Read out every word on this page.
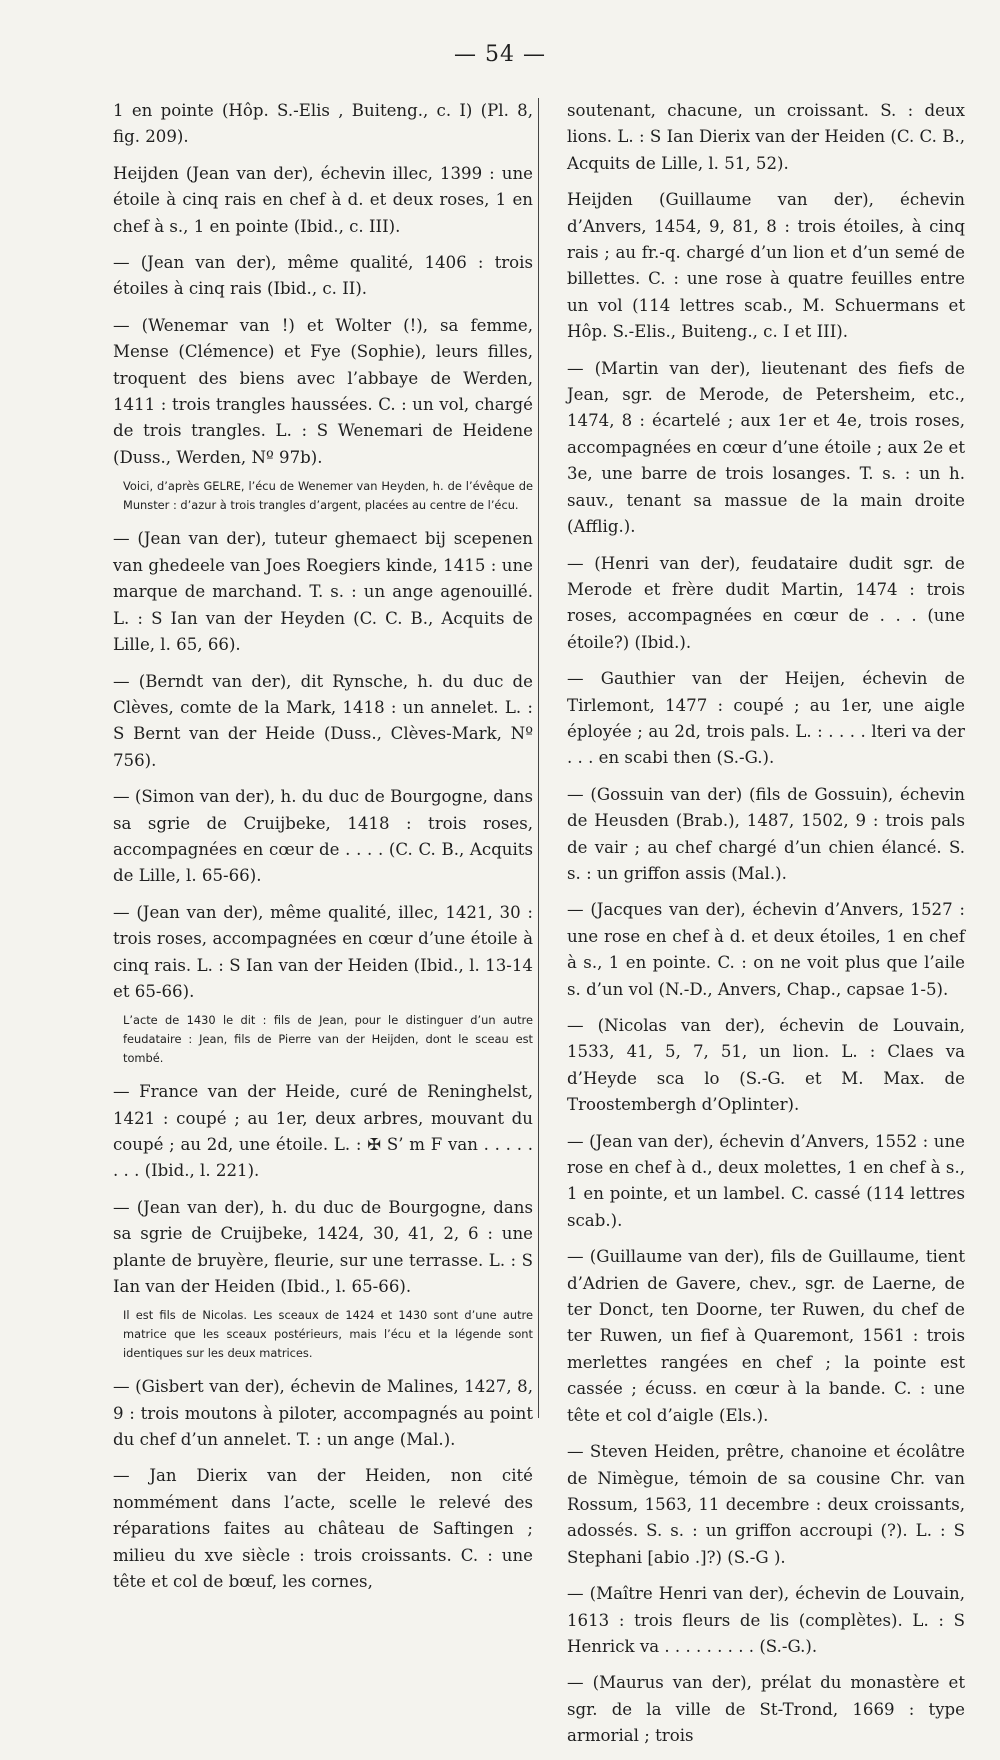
— 54 —

1 en pointe (Hôp. S.-Elis , Buiteng., c. I) (Pl. 8, fig. 209).

Heijden (Jean van der), échevin illec, 1399 : une étoile à cinq rais en chef à d. et deux roses, 1 en chef à s., 1 en pointe (Ibid., c. III).

— (Jean van der), même qualité, 1406 : trois étoiles à cinq rais (Ibid., c. II).

— (Wenemar van !) et Wolter (!), sa femme, Mense (Clémence) et Fye (Sophie), leurs filles, troquent des biens avec l’abbaye de Werden, 1411 : trois trangles haussées. C. : un vol, chargé de trois trangles. L. : S Wenemari de Heidene (Duss., Werden, Nº 97b).

Voici, d’après GELRE, l’écu de Wenemer van Heyden, h. de l’évêque de Munster : d’azur à trois trangles d’argent, placées au centre de l’écu.

— (Jean van der), tuteur ghemaect bij scepenen van ghedeele van Joes Roegiers kinde, 1415 : une marque de marchand. T. s. : un ange agenouillé. L. : S Ian van der Heyden (C. C. B., Acquits de Lille, l. 65, 66).

— (Berndt van der), dit Rynsche, h. du duc de Clèves, comte de la Mark, 1418 : un annelet. L. : S Bernt van der Heide (Duss., Clèves-Mark, Nº 756).

— (Simon van der), h. du duc de Bourgogne, dans sa sgrie de Cruijbeke, 1418 : trois roses, accompagnées en cœur de . . . . (C. C. B., Acquits de Lille, l. 65-66).

— (Jean van der), même qualité, illec, 1421, 30 : trois roses, accompagnées en cœur d’une étoile à cinq rais. L. : S Ian van der Heiden (Ibid., l. 13-14 et 65-66).

L’acte de 1430 le dit : fils de Jean, pour le distinguer d’un autre feudataire : Jean, fils de Pierre van der Heijden, dont le sceau est tombé.

— France van der Heide, curé de Reninghelst, 1421 : coupé ; au 1er, deux arbres, mouvant du coupé ; au 2d, une étoile. L. : ✠ S’ m F van . . . . . . . . (Ibid., l. 221).

— (Jean van der), h. du duc de Bourgogne, dans sa sgrie de Cruijbeke, 1424, 30, 41, 2, 6 : une plante de bruyère, fleurie, sur une terrasse. L. : S Ian van der Heiden (Ibid., l. 65-66).

Il est fils de Nicolas. Les sceaux de 1424 et 1430 sont d’une autre matrice que les sceaux postérieurs, mais l’écu et la légende sont identiques sur les deux matrices.

— (Gisbert van der), échevin de Malines, 1427, 8, 9 : trois moutons à piloter, accompagnés au point du chef d’un annelet. T. : un ange (Mal.).

— Jan Dierix van der Heiden, non cité nommément dans l’acte, scelle le relevé des réparations faites au château de Saftingen ; milieu du xve siècle : trois croissants. C. : une tête et col de bœuf, les cornes,

soutenant, chacune, un croissant. S. : deux lions. L. : S Ian Dierix van der Heiden (C. C. B., Acquits de Lille, l. 51, 52).

Heijden (Guillaume van der), échevin d’Anvers, 1454, 9, 81, 8 : trois étoiles, à cinq rais ; au fr.-q. chargé d’un lion et d’un semé de billettes. C. : une rose à quatre feuilles entre un vol (114 lettres scab., M. Schuermans et Hôp. S.-Elis., Buiteng., c. I et III).

— (Martin van der), lieutenant des fiefs de Jean, sgr. de Merode, de Petersheim, etc., 1474, 8 : écartelé ; aux 1er et 4e, trois roses, accompagnées en cœur d’une étoile ; aux 2e et 3e, une barre de trois losanges. T. s. : un h. sauv., tenant sa massue de la main droite (Afflig.).

— (Henri van der), feudataire dudit sgr. de Merode et frère dudit Martin, 1474 : trois roses, accompagnées en cœur de . . . (une étoile?) (Ibid.).

— Gauthier van der Heijen, échevin de Tirlemont, 1477 : coupé ; au 1er, une aigle éployée ; au 2d, trois pals. L. : . . . . lteri va der . . . en scabi then (S.-G.).

— (Gossuin van der) (fils de Gossuin), échevin de Heusden (Brab.), 1487, 1502, 9 : trois pals de vair ; au chef chargé d’un chien élancé. S. s. : un griffon assis (Mal.).

— (Jacques van der), échevin d’Anvers, 1527 : une rose en chef à d. et deux étoiles, 1 en chef à s., 1 en pointe. C. : on ne voit plus que l’aile s. d’un vol (N.-D., Anvers, Chap., capsae 1-5).

— (Nicolas van der), échevin de Louvain, 1533, 41, 5, 7, 51, un lion. L. : Claes va d’Heyde sca lo (S.-G. et M. Max. de Troostembergh d’Oplinter).

— (Jean van der), échevin d’Anvers, 1552 : une rose en chef à d., deux molettes, 1 en chef à s., 1 en pointe, et un lambel. C. cassé (114 lettres scab.).

— (Guillaume van der), fils de Guillaume, tient d’Adrien de Gavere, chev., sgr. de Laerne, de ter Donct, ten Doorne, ter Ruwen, du chef de ter Ruwen, un fief à Quaremont, 1561 : trois merlettes rangées en chef ; la pointe est cassée ; écuss. en cœur à la bande. C. : une tête et col d’aigle (Els.).

— Steven Heiden, prêtre, chanoine et écolâtre de Nimègue, témoin de sa cousine Chr. van Rossum, 1563, 11 decembre : deux croissants, adossés. S. s. : un griffon accroupi (?). L. : S Stephani [abio .]?) (S.-G ).

— (Maître Henri van der), échevin de Louvain, 1613 : trois fleurs de lis (complètes). L. : S Henrick va . . . . . . . . . (S.-G.).

— (Maurus van der), prélat du monastère et sgr. de la ville de St-Trond, 1669 : type armorial ; trois
